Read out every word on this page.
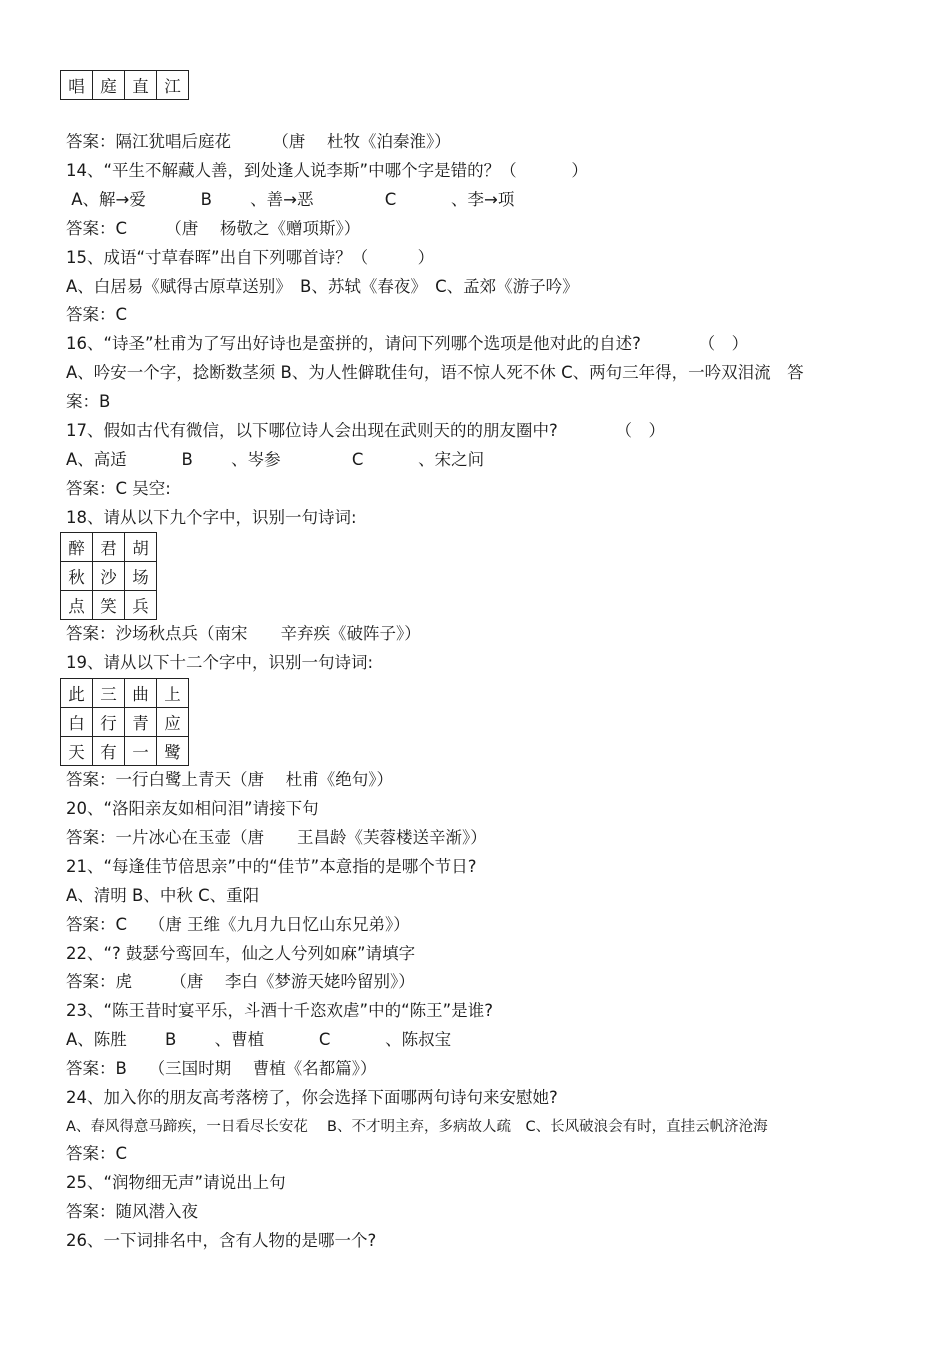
唱	庭	直	江
答案：隔江犹唱后庭花　　　（唐　 杜牧《泊秦淮》）
14、“平生不解藏人善，到处逢人说李斯”中哪个字是错的？（　　　 ）
A、解→爱　　　 B　　 、善→恶　　　　 C　　　 、李→项
答案：C　　 （唐　 杨敬之《赠项斯》）
15、成语“寸草春晖”出自下列哪首诗？（　　　）
A、白居易《赋得古原草送别》　B、苏轼《春夜》　C、孟郊《游子吟》
答案：C
16、“诗圣”杜甫为了写出好诗也是蛮拼的，请问下列哪个选项是他对此的自述?　　　　（　）
A、吟安一个字，捻断数茎须 B、为人性僻耽佳句，语不惊人死不休 C、两句三年得，一吟双泪流　答
案：B
17、假如古代有微信，以下哪位诗人会出现在武则天的的朋友圈中?　　　　（　）
A、高适　　　 B　　 、岑参　　　　 C　　　 、宋之问
答案：C 吴空:
18、请从以下九个字中，识别一句诗词:
醉	君	胡
秋	沙	场
点	笑	兵
答案：沙场秋点兵（南宋　　辛弃疾《破阵子》）
19、请从以下十二个字中，识别一句诗词:
此	三	曲	上
白	行	青	应
天	有	一	鹭
答案：一行白鹭上青天（唐　 杜甫《绝句》）
20、“洛阳亲友如相问泪”请接下句
答案：一片冰心在玉壶（唐　　王昌龄《芙蓉楼送辛渐》）
21、“每逢佳节倍思亲”中的“佳节”本意指的是哪个节日?
A、清明 B、中秋 C、重阳
答案：C　 （唐 王维《九月九日忆山东兄弟》）
22、“? 鼓瑟兮鸾回车，仙之人兮列如麻”请填字
答案：虎　　 （唐　 李白《梦游天姥吟留别》）
23、“陈王昔时宴平乐，斗酒十千恣欢虐”中的“陈王”是谁?
A、陈胜　　 B　　 、曹植　　　 C　　　 、陈叔宝
答案：B　 （三国时期　 曹植《名都篇》）
24、加入你的朋友高考落榜了，你会选择下面哪两句诗句来安慰她?
A、春风得意马蹄疾，一日看尽长安花　 B、不才明主弃，多病故人疏　C、长风破浪会有时，直挂云帆济沧海
答案：C
25、“润物细无声”请说出上句
答案：随风潜入夜
26、一下词排名中，含有人物的是哪一个?
